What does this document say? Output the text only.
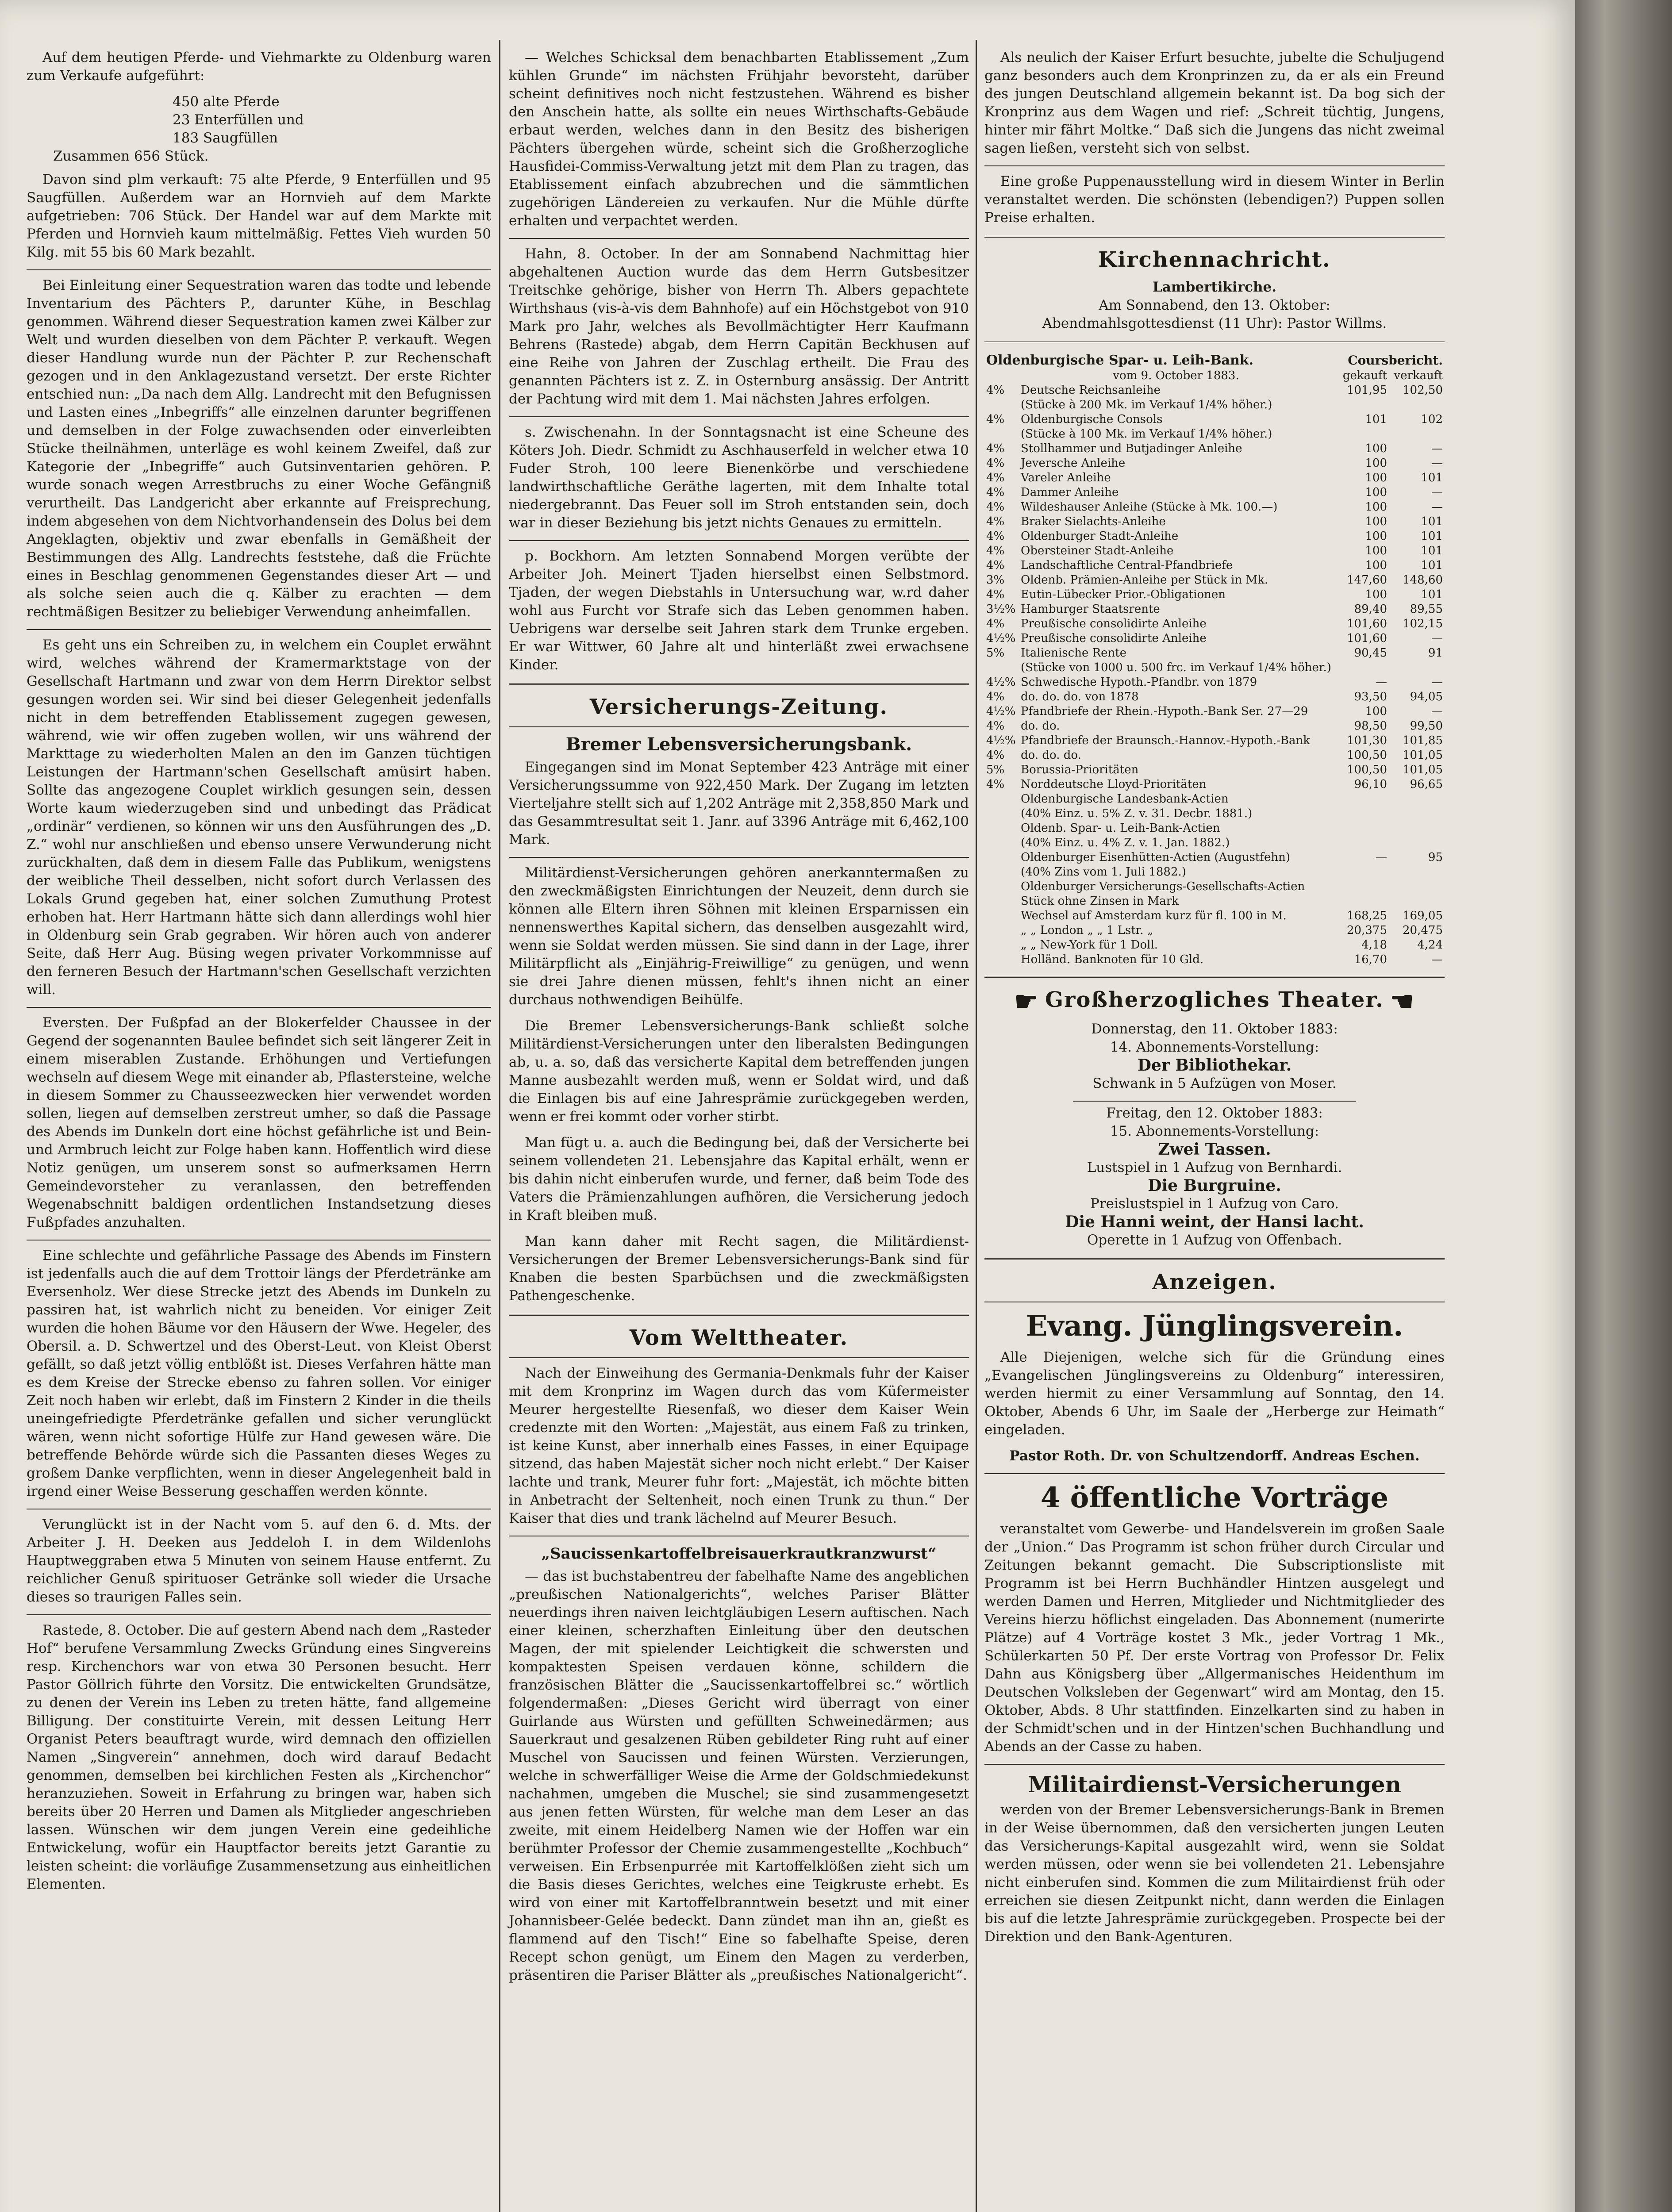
Auf dem heutigen Pferde- und Viehmarkte zu Oldenburg waren zum Verkaufe aufgeführt:

450 alte Pferde

23 Enterfüllen und

183 Saugfüllen

Zusammen 656 Stück.

Davon sind plm verkauft: 75 alte Pferde, 9 Enterfüllen und 95 Saugfüllen. Außerdem war an Hornvieh auf dem Markte aufgetrieben: 706 Stück. Der Handel war auf dem Markte mit Pferden und Hornvieh kaum mittelmäßig. Fettes Vieh wurden 50 Kilg. mit 55 bis 60 Mark bezahlt.

Bei Einleitung einer Sequestration waren das todte und lebende Inventarium des Pächters P., darunter Kühe, in Beschlag genommen. Während dieser Sequestration kamen zwei Kälber zur Welt und wurden dieselben von dem Pächter P. verkauft. Wegen dieser Handlung wurde nun der Pächter P. zur Rechenschaft gezogen und in den Anklagezustand versetzt. Der erste Richter entschied nun: „Da nach dem Allg. Landrecht mit den Befugnissen und Lasten eines „Inbegriffs“ alle einzelnen darunter begriffenen und demselben in der Folge zuwachsenden oder einverleibten Stücke theilnähmen, unterläge es wohl keinem Zweifel, daß zur Kategorie der „Inbegriffe“ auch Gutsinventarien gehören. P. wurde sonach wegen Arrestbruchs zu einer Woche Gefängniß verurtheilt. Das Landgericht aber erkannte auf Freisprechung, indem abgesehen von dem Nichtvorhandensein des Dolus bei dem Angeklagten, objektiv und zwar ebenfalls in Gemäßheit der Bestimmungen des Allg. Landrechts feststehe, daß die Früchte eines in Beschlag genommenen Gegenstandes dieser Art — und als solche seien auch die q. Kälber zu erachten — dem rechtmäßigen Besitzer zu beliebiger Verwendung anheimfallen.

Es geht uns ein Schreiben zu, in welchem ein Couplet erwähnt wird, welches während der Kramermarktstage von der Gesellschaft Hartmann und zwar von dem Herrn Direktor selbst gesungen worden sei. Wir sind bei dieser Gelegenheit jedenfalls nicht in dem betreffenden Etablissement zugegen gewesen, während, wie wir offen zugeben wollen, wir uns während der Markttage zu wiederholten Malen an den im Ganzen tüchtigen Leistungen der Hartmann'schen Gesellschaft amüsirt haben. Sollte das angezogene Couplet wirklich gesungen sein, dessen Worte kaum wiederzugeben sind und unbedingt das Prädicat „ordinär“ verdienen, so können wir uns den Ausführungen des „D. Z.“ wohl nur anschließen und ebenso unsere Verwunderung nicht zurückhalten, daß dem in diesem Falle das Publikum, wenigstens der weibliche Theil desselben, nicht sofort durch Verlassen des Lokals Grund gegeben hat, einer solchen Zumuthung Protest erhoben hat. Herr Hartmann hätte sich dann allerdings wohl hier in Oldenburg sein Grab gegraben. Wir hören auch von anderer Seite, daß Herr Aug. Büsing wegen privater Vorkommnisse auf den ferneren Besuch der Hartmann'schen Gesellschaft verzichten will.

Eversten. Der Fußpfad an der Blokerfelder Chaussee in der Gegend der sogenannten Baulee befindet sich seit längerer Zeit in einem miserablen Zustande. Erhöhungen und Vertiefungen wechseln auf diesem Wege mit einander ab, Pflastersteine, welche in diesem Sommer zu Chausseezwecken hier verwendet worden sollen, liegen auf demselben zerstreut umher, so daß die Passage des Abends im Dunkeln dort eine höchst gefährliche ist und Bein- und Armbruch leicht zur Folge haben kann. Hoffentlich wird diese Notiz genügen, um unserem sonst so aufmerksamen Herrn Gemeindevorsteher zu veranlassen, den betreffenden Wegenabschnitt baldigen ordentlichen Instandsetzung dieses Fußpfades anzuhalten.

Eine schlechte und gefährliche Passage des Abends im Finstern ist jedenfalls auch die auf dem Trottoir längs der Pferdetränke am Eversenholz. Wer diese Strecke jetzt des Abends im Dunkeln zu passiren hat, ist wahrlich nicht zu beneiden. Vor einiger Zeit wurden die hohen Bäume vor den Häusern der Wwe. Hegeler, des Obersil. a. D. Schwertzel und des Oberst-Leut. von Kleist Oberst gefällt, so daß jetzt völlig entblößt ist. Dieses Verfahren hätte man es dem Kreise der Strecke ebenso zu fahren sollen. Vor einiger Zeit noch haben wir erlebt, daß im Finstern 2 Kinder in die theils uneingefriedigte Pferdetränke gefallen und sicher verunglückt wären, wenn nicht sofortige Hülfe zur Hand gewesen wäre. Die betreffende Behörde würde sich die Passanten dieses Weges zu großem Danke verpflichten, wenn in dieser Angelegenheit bald in irgend einer Weise Besserung geschaffen werden könnte.

Verunglückt ist in der Nacht vom 5. auf den 6. d. Mts. der Arbeiter J. H. Deeken aus Jeddeloh I. in dem Wildenlohs Hauptweggraben etwa 5 Minuten von seinem Hause entfernt. Zu reichlicher Genuß spirituoser Getränke soll wieder die Ursache dieses so traurigen Falles sein.

Rastede, 8. October. Die auf gestern Abend nach dem „Rasteder Hof“ berufene Versammlung Zwecks Gründung eines Singvereins resp. Kirchenchors war von etwa 30 Personen besucht. Herr Pastor Göllrich führte den Vorsitz. Die entwickelten Grundsätze, zu denen der Verein ins Leben zu treten hätte, fand allgemeine Billigung. Der constituirte Verein, mit dessen Leitung Herr Organist Peters beauftragt wurde, wird demnach den offiziellen Namen „Singverein“ annehmen, doch wird darauf Bedacht genommen, demselben bei kirchlichen Festen als „Kirchenchor“ heranzuziehen. Soweit in Erfahrung zu bringen war, haben sich bereits über 20 Herren und Damen als Mitglieder angeschrieben lassen. Wünschen wir dem jungen Verein eine gedeihliche Entwickelung, wofür ein Hauptfactor bereits jetzt Garantie zu leisten scheint: die vorläufige Zusammensetzung aus einheitlichen Elementen.

— Welches Schicksal dem benachbarten Etablissement „Zum kühlen Grunde“ im nächsten Frühjahr bevorsteht, darüber scheint definitives noch nicht festzustehen. Während es bisher den Anschein hatte, als sollte ein neues Wirthschafts-Gebäude erbaut werden, welches dann in den Besitz des bisherigen Pächters übergehen würde, scheint sich die Großherzogliche Hausfidei-Commiss-Verwaltung jetzt mit dem Plan zu tragen, das Etablissement einfach abzubrechen und die sämmtlichen zugehörigen Ländereien zu verkaufen. Nur die Mühle dürfte erhalten und verpachtet werden.

Hahn, 8. October. In der am Sonnabend Nachmittag hier abgehaltenen Auction wurde das dem Herrn Gutsbesitzer Treitschke gehörige, bisher von Herrn Th. Albers gepachtete Wirthshaus (vis-à-vis dem Bahnhofe) auf ein Höchstgebot von 910 Mark pro Jahr, welches als Bevollmächtigter Herr Kaufmann Behrens (Rastede) abgab, dem Herrn Capitän Beckhusen auf eine Reihe von Jahren der Zuschlag ertheilt. Die Frau des genannten Pächters ist z. Z. in Osternburg ansässig. Der Antritt der Pachtung wird mit dem 1. Mai nächsten Jahres erfolgen.

s. Zwischenahn. In der Sonntagsnacht ist eine Scheune des Köters Joh. Diedr. Schmidt zu Aschhauserfeld in welcher etwa 10 Fuder Stroh, 100 leere Bienenkörbe und verschiedene landwirthschaftliche Geräthe lagerten, mit dem Inhalte total niedergebrannt. Das Feuer soll im Stroh entstanden sein, doch war in dieser Beziehung bis jetzt nichts Genaues zu ermitteln.

p. Bockhorn. Am letzten Sonnabend Morgen verübte der Arbeiter Joh. Meinert Tjaden hierselbst einen Selbstmord. Tjaden, der wegen Diebstahls in Untersuchung war, w.rd daher wohl aus Furcht vor Strafe sich das Leben genommen haben. Uebrigens war derselbe seit Jahren stark dem Trunke ergeben. Er war Wittwer, 60 Jahre alt und hinterläßt zwei erwachsene Kinder.

Versicherungs-Zeitung.
Bremer Lebensversicherungsbank.

Eingegangen sind im Monat September 423 Anträge mit einer Versicherungssumme von 922,450 Mark. Der Zugang im letzten Vierteljahre stellt sich auf 1,202 Anträge mit 2,358,850 Mark und das Gesammtresultat seit 1. Janr. auf 3396 Anträge mit 6,462,100 Mark.

Militärdienst-Versicherungen gehören anerkanntermaßen zu den zweckmäßigsten Einrichtungen der Neuzeit, denn durch sie können alle Eltern ihren Söhnen mit kleinen Ersparnissen ein nennenswerthes Kapital sichern, das denselben ausgezahlt wird, wenn sie Soldat werden müssen. Sie sind dann in der Lage, ihrer Militärpflicht als „Einjährig-Freiwillige“ zu genügen, und wenn sie drei Jahre dienen müssen, fehlt's ihnen nicht an einer durchaus nothwendigen Beihülfe.

Die Bremer Lebensversicherungs-Bank schließt solche Militärdienst-Versicherungen unter den liberalsten Bedingungen ab, u. a. so, daß das versicherte Kapital dem betreffenden jungen Manne ausbezahlt werden muß, wenn er Soldat wird, und daß die Einlagen bis auf eine Jahresprämie zurückgegeben werden, wenn er frei kommt oder vorher stirbt.

Man fügt u. a. auch die Bedingung bei, daß der Versicherte bei seinem vollendeten 21. Lebensjahre das Kapital erhält, wenn er bis dahin nicht einberufen wurde, und ferner, daß beim Tode des Vaters die Prämienzahlungen aufhören, die Versicherung jedoch in Kraft bleiben muß.

Man kann daher mit Recht sagen, die Militärdienst-Versicherungen der Bremer Lebensversicherungs-Bank sind für Knaben die besten Sparbüchsen und die zweckmäßigsten Pathengeschenke.

Vom Welttheater.

Nach der Einweihung des Germania-Denkmals fuhr der Kaiser mit dem Kronprinz im Wagen durch das vom Küfermeister Meurer hergestellte Riesenfaß, wo dieser dem Kaiser Wein credenzte mit den Worten: „Majestät, aus einem Faß zu trinken, ist keine Kunst, aber innerhalb eines Fasses, in einer Equipage sitzend, das haben Majestät sicher noch nicht erlebt.“ Der Kaiser lachte und trank, Meurer fuhr fort: „Majestät, ich möchte bitten in Anbetracht der Seltenheit, noch einen Trunk zu thun.“ Der Kaiser that dies und trank lächelnd auf Meurer Besuch.

„Saucissenkartoffelbreisauerkrautkranzwurst“

— das ist buchstabentreu der fabelhafte Name des angeblichen „preußischen Nationalgerichts“, welches Pariser Blätter neuerdings ihren naiven leichtgläubigen Lesern auftischen. Nach einer kleinen, scherzhaften Einleitung über den deutschen Magen, der mit spielender Leichtigkeit die schwersten und kompaktesten Speisen verdauen könne, schildern die französischen Blätter die „Saucissenkartoffelbrei sc.“ wörtlich folgendermaßen: „Dieses Gericht wird überragt von einer Guirlande aus Würsten und gefüllten Schweinedärmen; aus Sauerkraut und gesalzenen Rüben gebildeter Ring ruht auf einer Muschel von Saucissen und feinen Würsten. Verzierungen, welche in schwerfälliger Weise die Arme der Goldschmiedekunst nachahmen, umgeben die Muschel; sie sind zusammengesetzt aus jenen fetten Würsten, für welche man dem Leser an das zweite, mit einem Heidelberg Namen wie der Hoffen war ein berühmter Professor der Chemie zusammengestellte „Kochbuch“ verweisen. Ein Erbsenpurrée mit Kartoffelklößen zieht sich um die Basis dieses Gerichtes, welches eine Teigkruste erhebt. Es wird von einer mit Kartoffelbranntwein besetzt und mit einer Johannisbeer-Gelée bedeckt. Dann zündet man ihn an, gießt es flammend auf den Tisch!“ Eine so fabelhafte Speise, deren Recept schon genügt, um Einem den Magen zu verderben, präsentiren die Pariser Blätter als „preußisches Nationalgericht“.

Als neulich der Kaiser Erfurt besuchte, jubelte die Schuljugend ganz besonders auch dem Kronprinzen zu, da er als ein Freund des jungen Deutschland allgemein bekannt ist. Da bog sich der Kronprinz aus dem Wagen und rief: „Schreit tüchtig, Jungens, hinter mir fährt Moltke.“ Daß sich die Jungens das nicht zweimal sagen ließen, versteht sich von selbst.

Eine große Puppenausstellung wird in diesem Winter in Berlin veranstaltet werden. Die schönsten (lebendigen?) Puppen sollen Preise erhalten.

Kirchennachricht.

Lambertikirche.

Am Sonnabend, den 13. Oktober:

Abendmahlsgottesdienst (11 Uhr): Pastor Willms.

Oldenburgische Spar- u. Leih-Bank.		Coursbericht.	
	vom 9. October 1883.	gekauft	verkauft
4%	Deutsche Reichsanleihe	101,95	102,50
	(Stücke à 200 Mk. im Verkauf 1/4% höher.)		
4%	Oldenburgische Consols	101	102
	(Stücke à 100 Mk. im Verkauf 1/4% höher.)		
4%	Stollhammer und Butjadinger Anleihe	100	—
4%	Jeversche Anleihe	100	—
4%	Vareler Anleihe	100	101
4%	Dammer Anleihe	100	—
4%	Wildeshauser Anleihe (Stücke à Mk. 100.—)	100	—
4%	Braker Sielachts-Anleihe	100	101
4%	Oldenburger Stadt-Anleihe	100	101
4%	Obersteiner Stadt-Anleihe	100	101
4%	Landschaftliche Central-Pfandbriefe	100	101
3%	Oldenb. Prämien-Anleihe per Stück in Mk.	147,60	148,60
4%	Eutin-Lübecker Prior.-Obligationen	100	101
3½%	Hamburger Staatsrente	89,40	89,55
4%	Preußische consolidirte Anleihe	101,60	102,15
4½%	Preußische consolidirte Anleihe	101,60	—
5%	Italienische Rente	90,45	91
	(Stücke von 1000 u. 500 frc. im Verkauf 1/4% höher.)		
4½%	Schwedische Hypoth.-Pfandbr. von 1879	—	—
4%	do. do. do. von 1878	93,50	94,05
4½%	Pfandbriefe der Rhein.-Hypoth.-Bank Ser. 27—29	100	—
4%	do. do.	98,50	99,50
4½%	Pfandbriefe der Braunsch.-Hannov.-Hypoth.-Bank	101,30	101,85
4%	do. do. do.	100,50	101,05
5%	Borussia-Prioritäten	100,50	101,05
4%	Norddeutsche Lloyd-Prioritäten	96,10	96,65
	Oldenburgische Landesbank-Actien		
	(40% Einz. u. 5% Z. v. 31. Decbr. 1881.)		
	Oldenb. Spar- u. Leih-Bank-Actien		
	(40% Einz. u. 4% Z. v. 1. Jan. 1882.)		
	Oldenburger Eisenhütten-Actien (Augustfehn)	—	95
	(40% Zins vom 1. Juli 1882.)		
	Oldenburger Versicherungs-Gesellschafts-Actien		
	Stück ohne Zinsen in Mark		
	Wechsel auf Amsterdam kurz für fl. 100 in M.	168,25	169,05
	„ „ London „ „ 1 Lstr. „	20,375	20,475
	„ „ New-York für 1 Doll.	4,18	4,24
	Holländ. Banknoten für 10 Gld.	16,70	—
☛ Großherzogliches Theater. ☚

Donnerstag, den 11. Oktober 1883:

14. Abonnements-Vorstellung:

Der Bibliothekar.

Schwank in 5 Aufzügen von Moser.

Freitag, den 12. Oktober 1883:

15. Abonnements-Vorstellung:

Zwei Tassen.

Lustspiel in 1 Aufzug von Bernhardi.

Die Burgruine.

Preislustspiel in 1 Aufzug von Caro.

Die Hanni weint, der Hansi lacht.

Operette in 1 Aufzug von Offenbach.

Anzeigen.
Evang. Jünglingsverein.

Alle Diejenigen, welche sich für die Gründung eines „Evangelischen Jünglingsvereins zu Oldenburg“ interessiren, werden hiermit zu einer Versammlung auf Sonntag, den 14. Oktober, Abends 6 Uhr, im Saale der „Herberge zur Heimath“ eingeladen.

Pastor Roth. Dr. von Schultzendorff. Andreas Eschen.

4 öffentliche Vorträge

veranstaltet vom Gewerbe- und Handelsverein im großen Saale der „Union.“ Das Programm ist schon früher durch Circular und Zeitungen bekannt gemacht. Die Subscriptionsliste mit Programm ist bei Herrn Buchhändler Hintzen ausgelegt und werden Damen und Herren, Mitglieder und Nichtmitglieder des Vereins hierzu höflichst eingeladen. Das Abonnement (numerirte Plätze) auf 4 Vorträge kostet 3 Mk., jeder Vortrag 1 Mk., Schülerkarten 50 Pf. Der erste Vortrag von Professor Dr. Felix Dahn aus Königsberg über „Allgermanisches Heidenthum im Deutschen Volksleben der Gegenwart“ wird am Montag, den 15. Oktober, Abds. 8 Uhr stattfinden. Einzelkarten sind zu haben in der Schmidt'schen und in der Hintzen'schen Buchhandlung und Abends an der Casse zu haben.

Militairdienst-Versicherungen

werden von der Bremer Lebensversicherungs-Bank in Bremen in der Weise übernommen, daß den versicherten jungen Leuten das Versicherungs-Kapital ausgezahlt wird, wenn sie Soldat werden müssen, oder wenn sie bei vollendeten 21. Lebensjahre nicht einberufen sind. Kommen die zum Militairdienst früh oder erreichen sie diesen Zeitpunkt nicht, dann werden die Einlagen bis auf die letzte Jahresprämie zurückgegeben. Prospecte bei der Direktion und den Bank-Agenturen.
